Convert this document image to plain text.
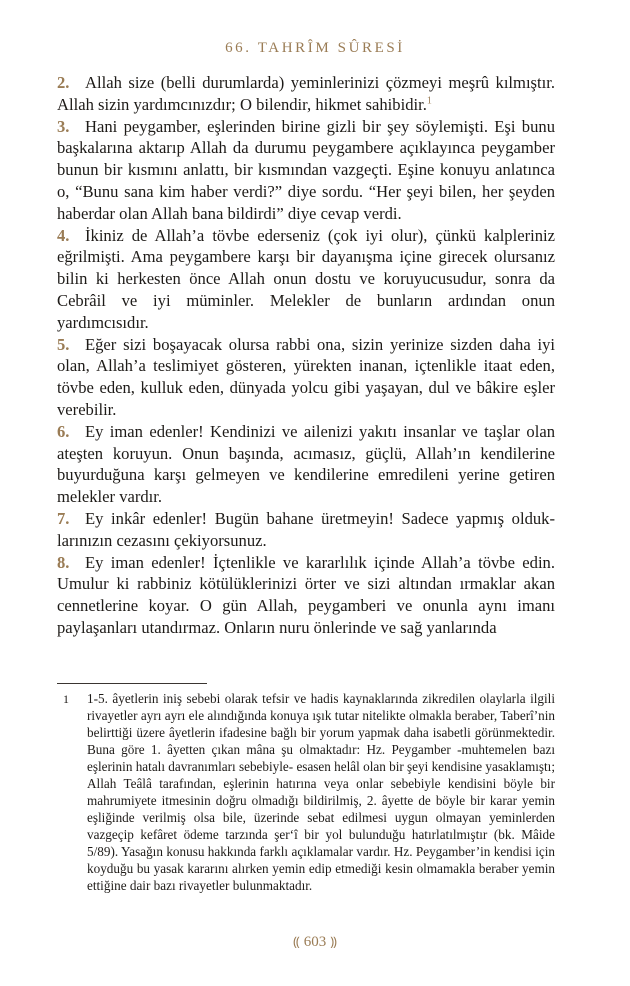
66. TAHRÎM SÛRESİ

2. Allah size (belli durumlarda) yeminlerinizi çözmeyi meşrû kılmıştır. Allah sizin yardımcınızdır; O bilendir, hikmet sahibidir.$^1$

3. Hani peygamber, eşlerinden birine gizli bir şey söylemişti. Eşi bunu başkalarına aktarıp Allah da durumu peygambere açıklayınca peygamber bunun bir kısmını anlattı, bir kısmından vazgeçti. Eşine konuyu anlatınca o, “Bunu sana kim haber verdi?” diye sordu. “Her şeyi bilen, her şeyden haberdar olan Allah bana bildirdi” diye cevap verdi.

4. İkiniz de Allah’a tövbe ederseniz (çok iyi olur), çünkü kalpleriniz eğrilmişti. Ama peygambere karşı bir dayanışma içine girecek olursanız bilin ki herkesten önce Allah onun dostu ve koruyucusudur, sonra da Cebrâil ve iyi müminler. Melekler de bunların ardından onun yardımcısıdır.

5. Eğer sizi boşayacak olursa rabbi ona, sizin yerinize sizden daha iyi olan, Allah’a teslimiyet gösteren, yürekten inanan, içtenlikle itaat eden, tövbe eden, kulluk eden, dünyada yolcu gibi yaşayan, dul ve bâkire eşler verebilir.

6. Ey iman edenler! Kendinizi ve ailenizi yakıtı insanlar ve taşlar olan ateşten koruyun. Onun başında, acımasız, güçlü, Allah’ın kendilerine buyurduğuna karşı gelmeyen ve kendilerine emredileni yerine getiren melekler vardır.

7. Ey inkâr edenler! Bugün bahane üretmeyin! Sadece yapmış olduklarınızın cezasını çekiyorsunuz.

8. Ey iman edenler! İçtenlikle ve kararlılık içinde Allah’a tövbe edin. Umulur ki rabbiniz kötülüklerinizi örter ve sizi altından ırmaklar akan cennetlerine koyar. O gün Allah, peygamberi ve onunla aynı imanı paylaşanları utandırmaz. Onların nuru önlerinde ve sağ yanlarında

1	1-5. âyetlerin iniş sebebi olarak tefsir ve hadis kaynaklarında zikredilen olaylarla ilgili rivayetler ayrı ayrı ele alındığında konuya ışık tutar nitelikte olmakla beraber, Taberî’nin belirttiği üzere âyetlerin ifadesine bağlı bir yorum yapmak daha isabetli görünmektedir. Buna göre 1. âyetten çıkan mâna şu olmaktadır: Hz. Peygamber -muhtemelen bazı eşlerinin hatalı davranımları sebebiyle- esasen helâl olan bir şeyi kendisine yasaklamıştı; Allah Teâlâ tarafından, eşlerinin hatırına veya onlar sebebiyle kendisini böyle bir mahrumiyete itmesinin doğru olmadığı bildirilmiş, 2. âyette de böyle bir karar yemin eşliğinde verilmiş olsa bile, üzerinde sebat edilmesi uygun olmayan yeminlerden vazgeçip kefâret ödeme tarzında şer‘î bir yol bulunduğu hatırlatılmıştır (bk. Mâide 5/89). Yasağın konusu hakkında farklı açıklamalar vardır. Hz. Peygamber’in kendisi için koyduğu bu yasak kararını alırken yemin edip etmediği kesin olmamakla beraber yemin ettiğine dair bazı rivayetler bulunmaktadır.
⸨ 603 ⸩
